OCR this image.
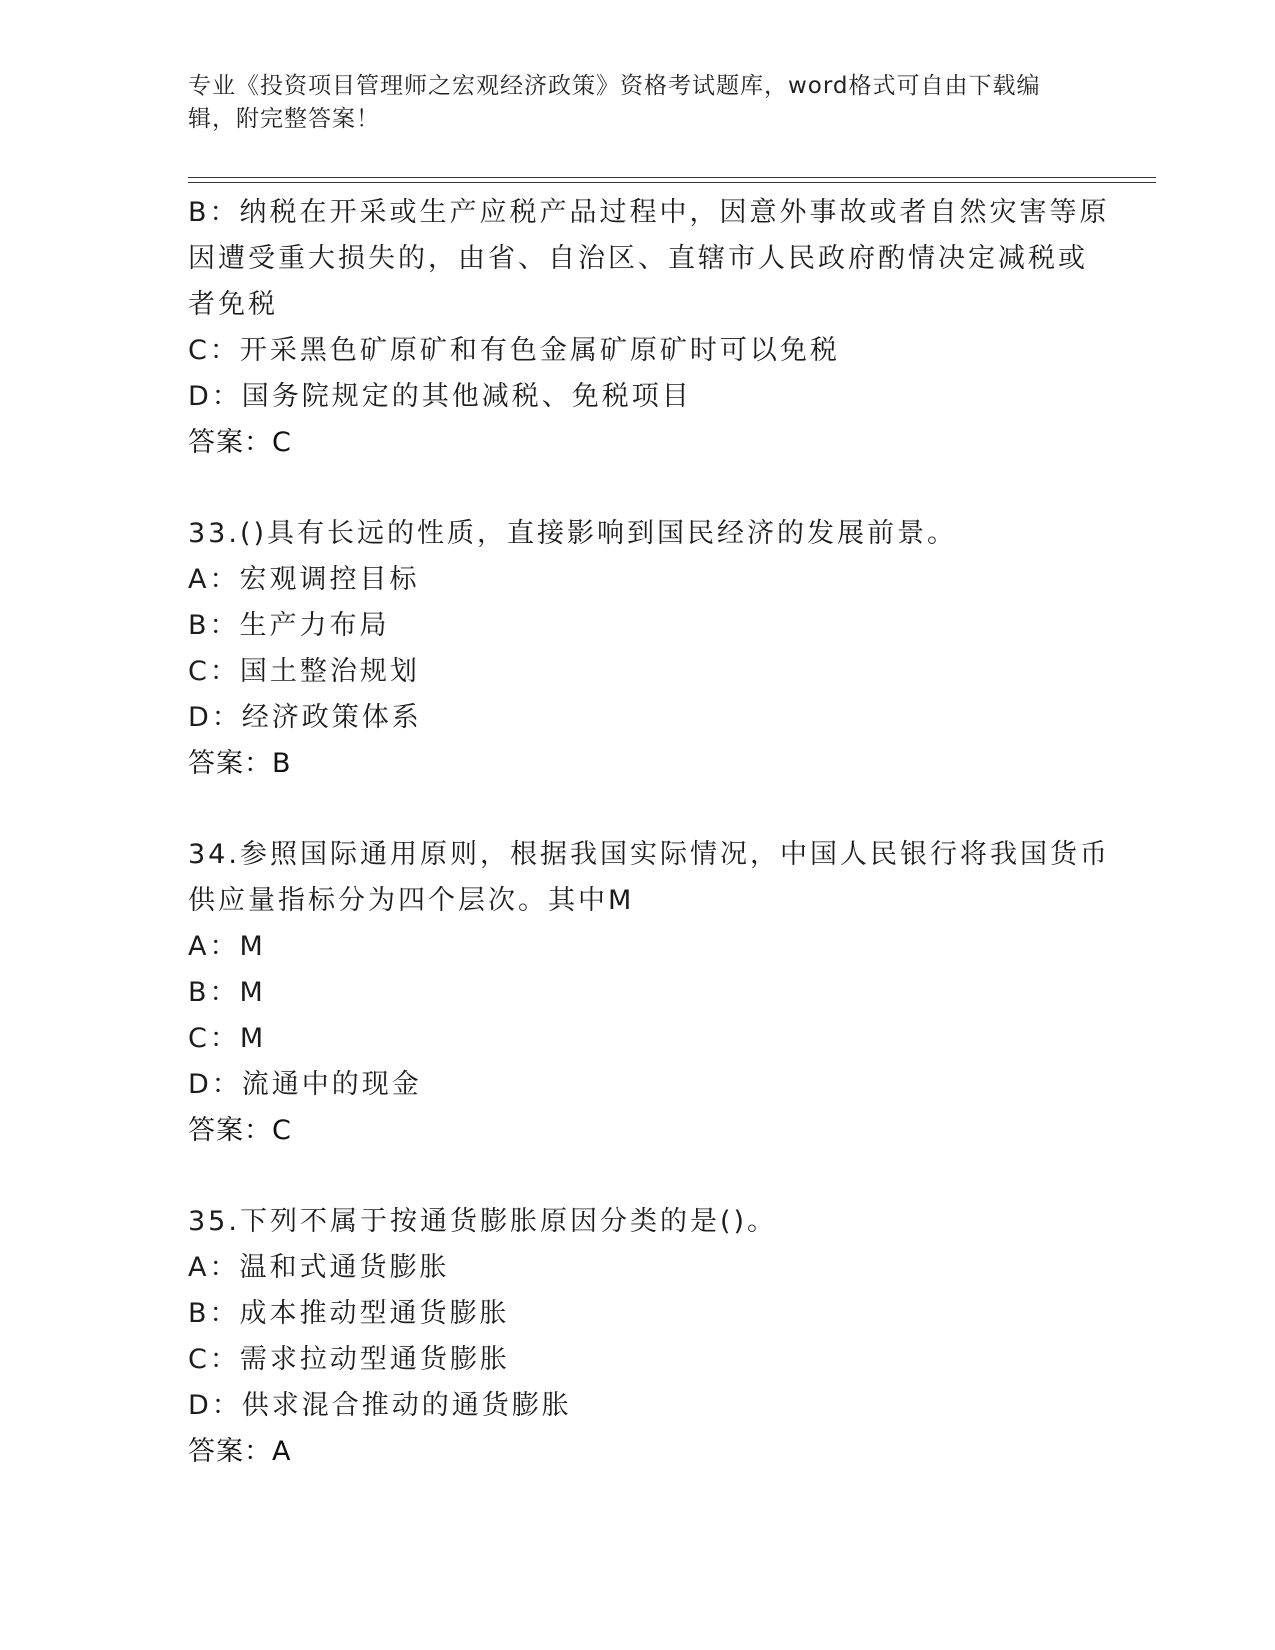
专业《投资项目管理师之宏观经济政策》资格考试题库，word格式可自由下载编
辑，附完整答案！
B：纳税在开采或生产应税产品过程中，因意外事故或者自然灾害等原
因遭受重大损失的，由省、自治区、直辖市人民政府酌情决定减税或
者免税
C：开采黑色矿原矿和有色金属矿原矿时可以免税
D：国务院规定的其他减税、免税项目
答案：C
33.()具有长远的性质，直接影响到国民经济的发展前景。
A：宏观调控目标
B：生产力布局
C：国土整治规划
D：经济政策体系
答案：B
34.参照国际通用原则，根据我国实际情况，中国人民银行将我国货币
供应量指标分为四个层次。其中M
A：M
B：M
C：M
D：流通中的现金
答案：C
35.下列不属于按通货膨胀原因分类的是()。
A：温和式通货膨胀
B：成本推动型通货膨胀
C：需求拉动型通货膨胀
D：供求混合推动的通货膨胀
答案：A
